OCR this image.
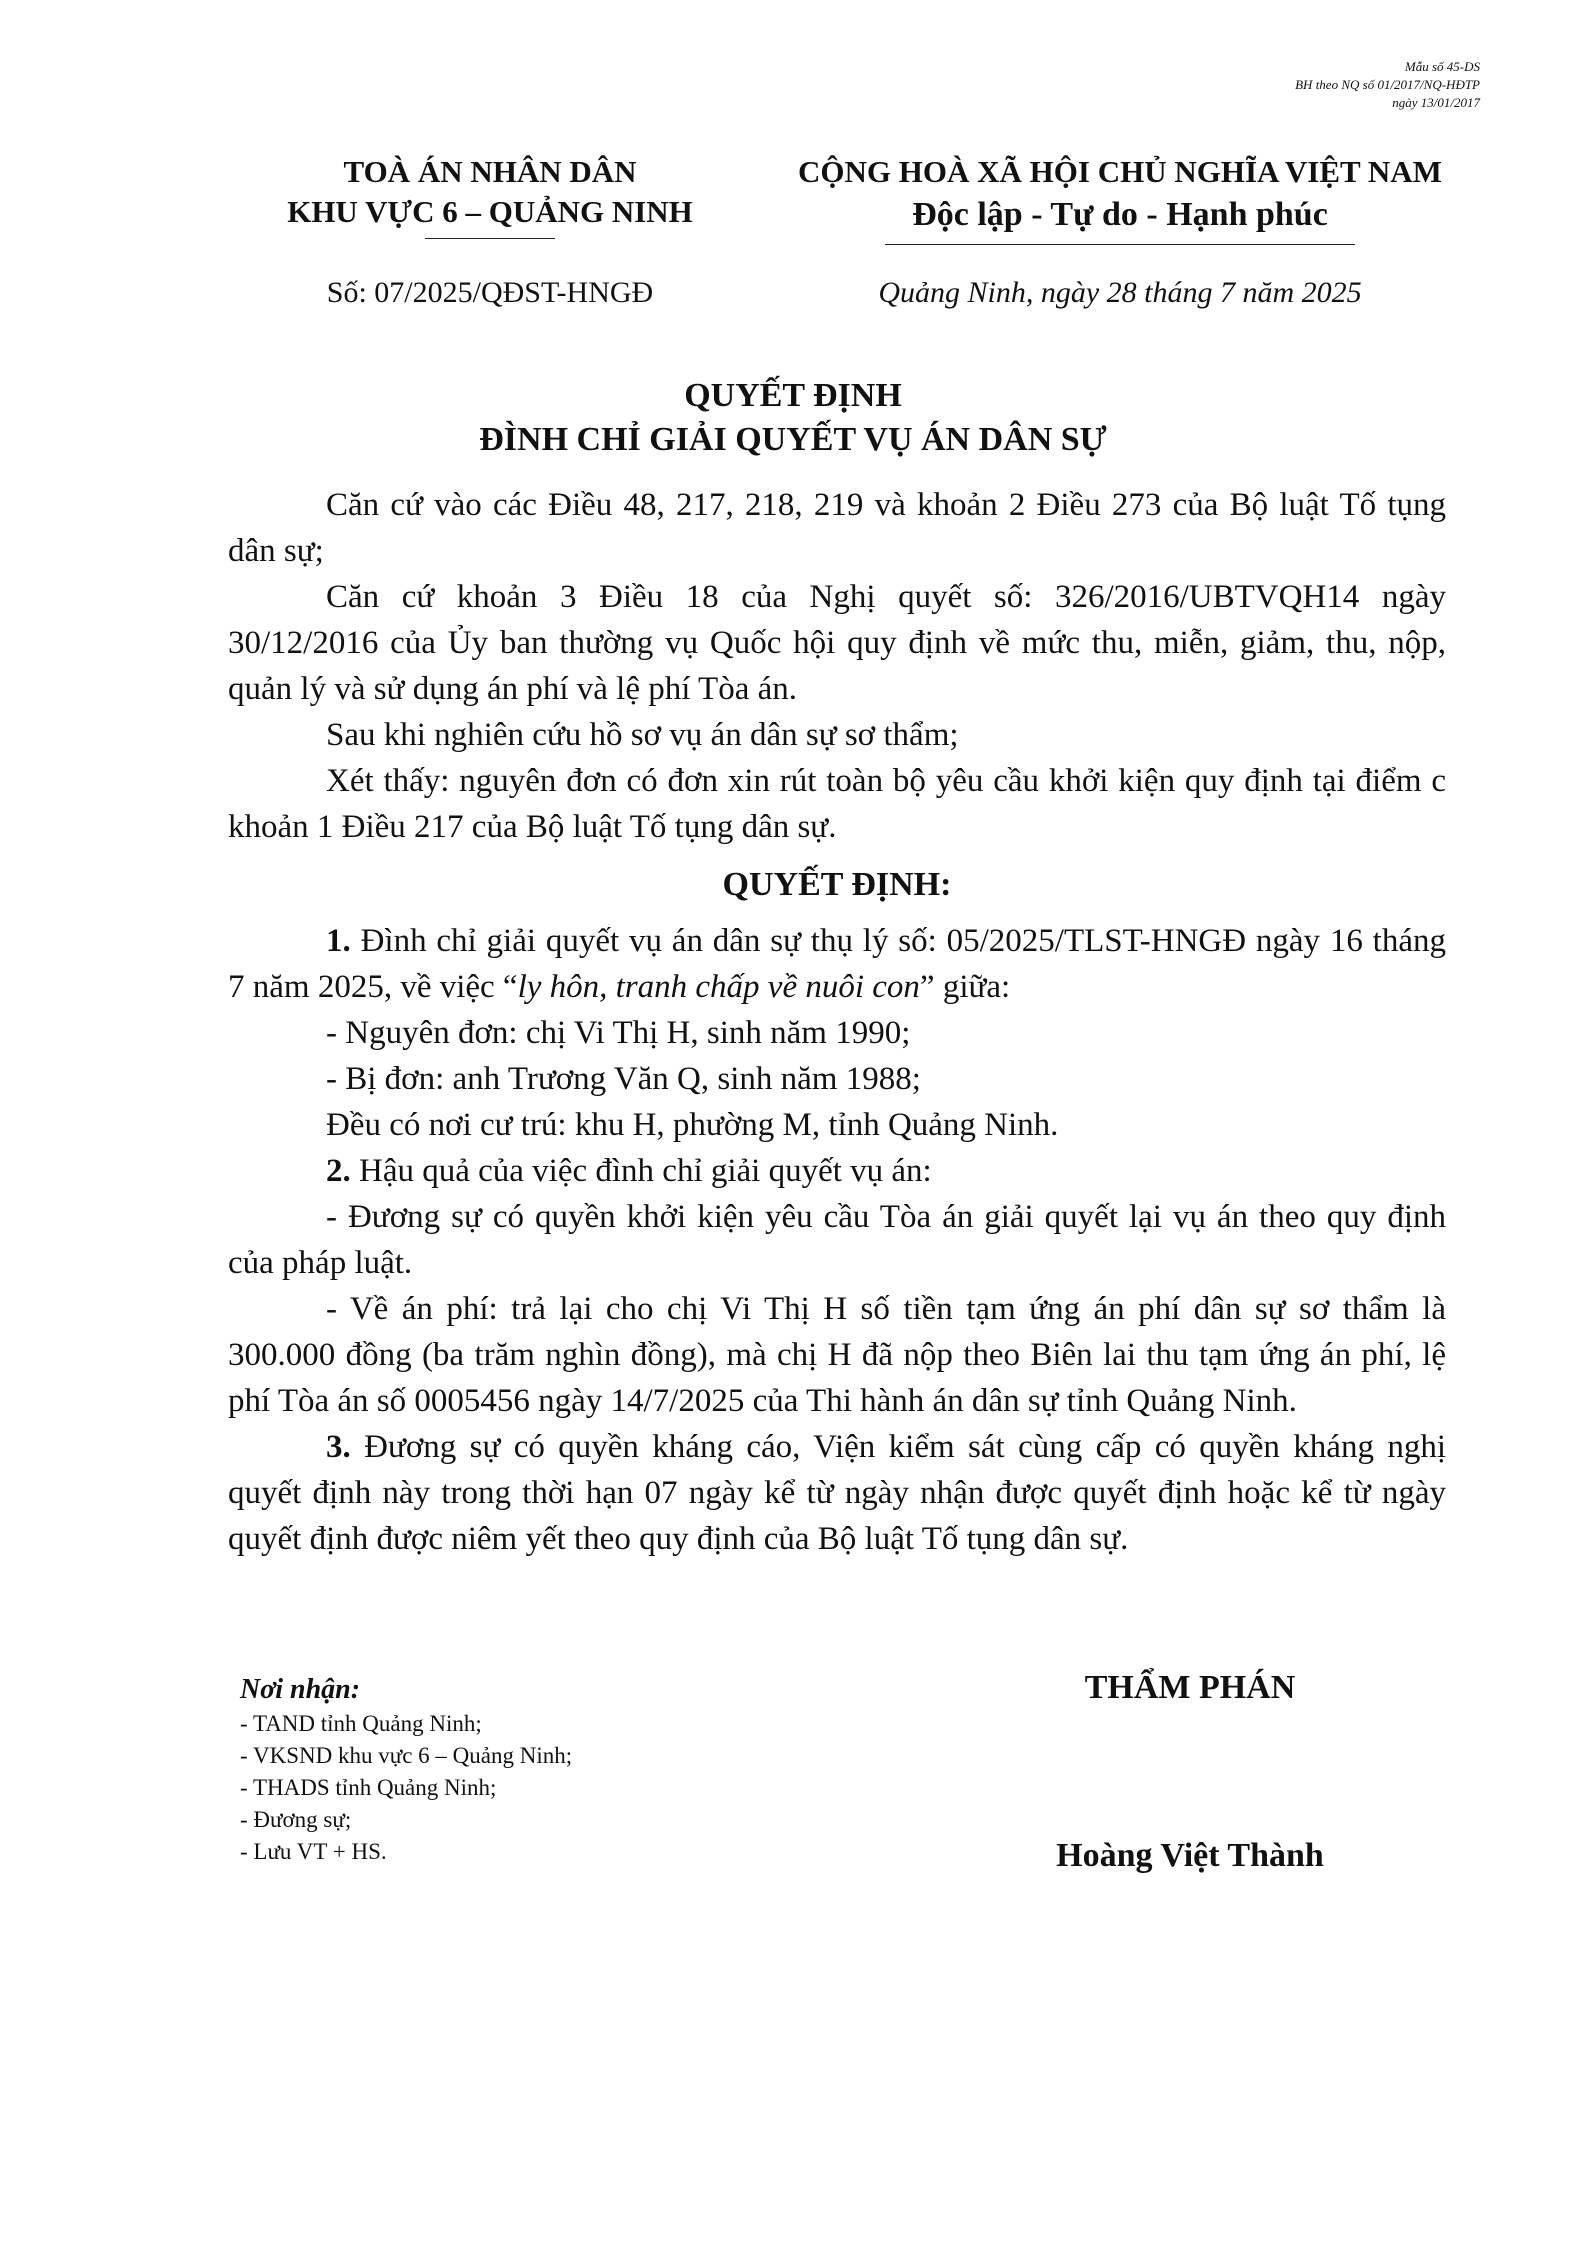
Mẫu số 45-DS
BH theo NQ số 01/2017/NQ-HĐTP
ngày 13/01/2017
TOÀ ÁN NHÂN DÂN
KHU VỰC 6 – QUẢNG NINH
CỘNG HOÀ XÃ HỘI CHỦ NGHĨA VIỆT NAM
Độc lập - Tự do - Hạnh phúc
Số: 07/2025/QĐST-HNGĐ	Quảng Ninh, ngày 28 tháng 7 năm 2025
QUYẾT ĐỊNH
ĐÌNH CHỈ GIẢI QUYẾT VỤ ÁN DÂN SỰ

Căn cứ vào các Điều 48, 217, 218, 219 và khoản 2 Điều 273 của Bộ luật Tố tụng dân sự;

Căn cứ khoản 3 Điều 18 của Nghị quyết số: 326/2016/UBTVQH14 ngày 30/12/2016 của Ủy ban thường vụ Quốc hội quy định về mức thu, miễn, giảm, thu, nộp, quản lý và sử dụng án phí và lệ phí Tòa án.

Sau khi nghiên cứu hồ sơ vụ án dân sự sơ thẩm;

Xét thấy: nguyên đơn có đơn xin rút toàn bộ yêu cầu khởi kiện quy định tại điểm c khoản 1 Điều 217 của Bộ luật Tố tụng dân sự.

QUYẾT ĐỊNH:

1. Đình chỉ giải quyết vụ án dân sự thụ lý số: 05/2025/TLST-HNGĐ ngày 16 tháng 7 năm 2025, về việc “ly hôn, tranh chấp về nuôi con” giữa:

- Nguyên đơn: chị Vi Thị H, sinh năm 1990;

- Bị đơn: anh Trương Văn Q, sinh năm 1988;

Đều có nơi cư trú: khu H, phường M, tỉnh Quảng Ninh.

2. Hậu quả của việc đình chỉ giải quyết vụ án:

- Đương sự có quyền khởi kiện yêu cầu Tòa án giải quyết lại vụ án theo quy định của pháp luật.

- Về án phí: trả lại cho chị Vi Thị H số tiền tạm ứng án phí dân sự sơ thẩm là 300.000 đồng (ba trăm nghìn đồng), mà chị H đã nộp theo Biên lai thu tạm ứng án phí, lệ phí Tòa án số 0005456 ngày 14/7/2025 của Thi hành án dân sự tỉnh Quảng Ninh.

3. Đương sự có quyền kháng cáo, Viện kiểm sát cùng cấp có quyền kháng nghị quyết định này trong thời hạn 07 ngày kể từ ngày nhận được quyết định hoặc kể từ ngày quyết định được niêm yết theo quy định của Bộ luật Tố tụng dân sự.

Nơi nhận:
- TAND tỉnh Quảng Ninh;
- VKSND khu vực 6 – Quảng Ninh;
- THADS tỉnh Quảng Ninh;
- Đương sự;
- Lưu VT + HS.
THẨM PHÁN
Hoàng Việt Thành
